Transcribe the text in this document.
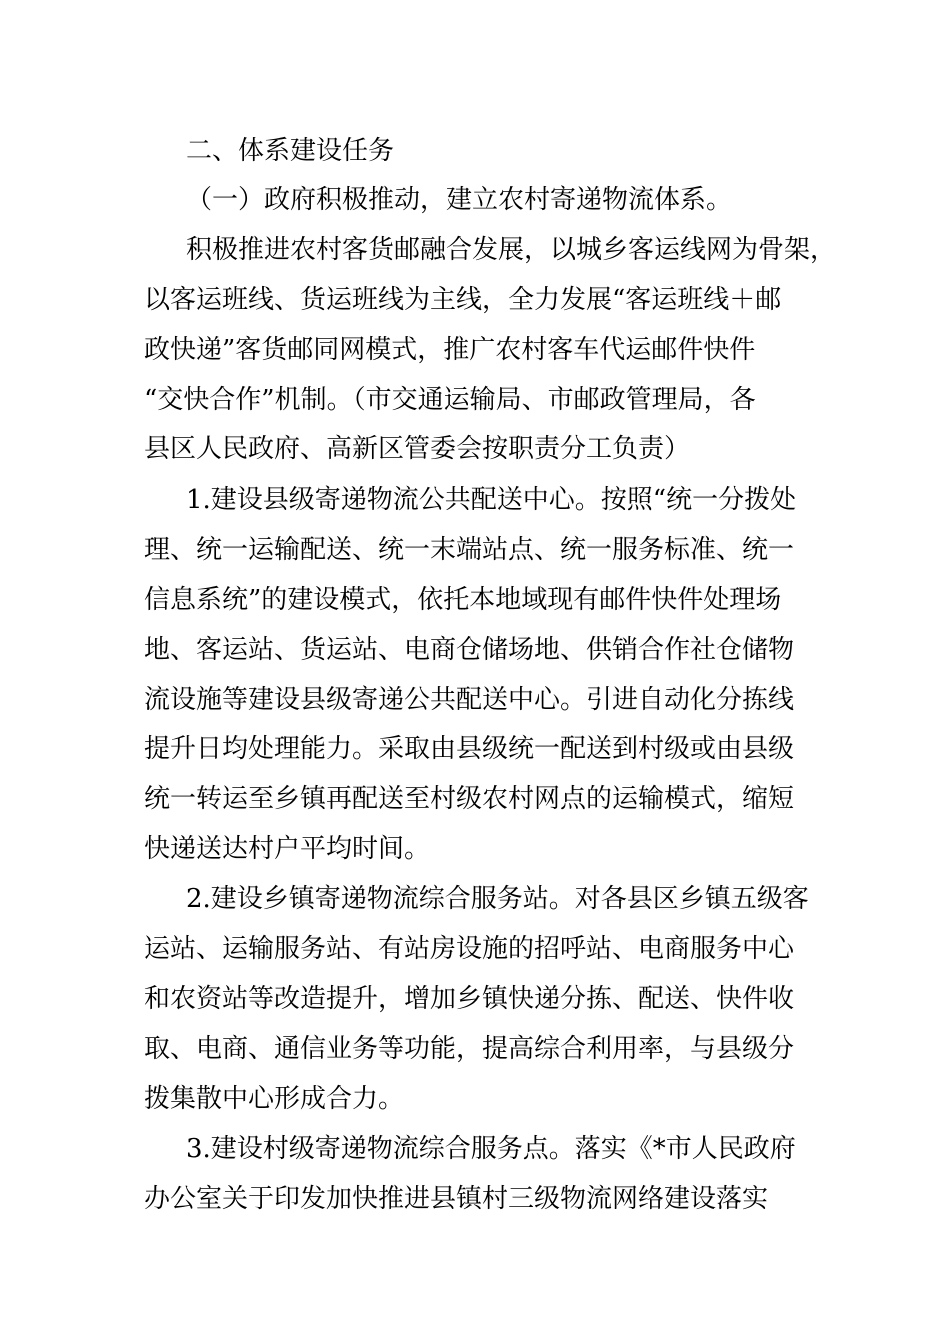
二、体系建设任务
（一）政府积极推动，建立农村寄递物流体系。
积极推进农村客货邮融合发展，以城乡客运线网为骨架，
以客运班线、货运班线为主线，全力发展“客运班线＋邮
政快递”客货邮同网模式，推广农村客车代运邮件快件
“交快合作”机制。（市交通运输局、市邮政管理局，各
县区人民政府、高新区管委会按职责分工负责）
1.建设县级寄递物流公共配送中心。按照“统一分拨处
理、统一运输配送、统一末端站点、统一服务标准、统一
信息系统”的建设模式，依托本地域现有邮件快件处理场
地、客运站、货运站、电商仓储场地、供销合作社仓储物
流设施等建设县级寄递公共配送中心。引进自动化分拣线
提升日均处理能力。采取由县级统一配送到村级或由县级
统一转运至乡镇再配送至村级农村网点的运输模式，缩短
快递送达村户平均时间。
2.建设乡镇寄递物流综合服务站。对各县区乡镇五级客
运站、运输服务站、有站房设施的招呼站、电商服务中心
和农资站等改造提升，增加乡镇快递分拣、配送、快件收
取、电商、通信业务等功能，提高综合利用率，与县级分
拨集散中心形成合力。
3.建设村级寄递物流综合服务点。落实《*市人民政府
办公室关于印发加快推进县镇村三级物流网络建设落实
